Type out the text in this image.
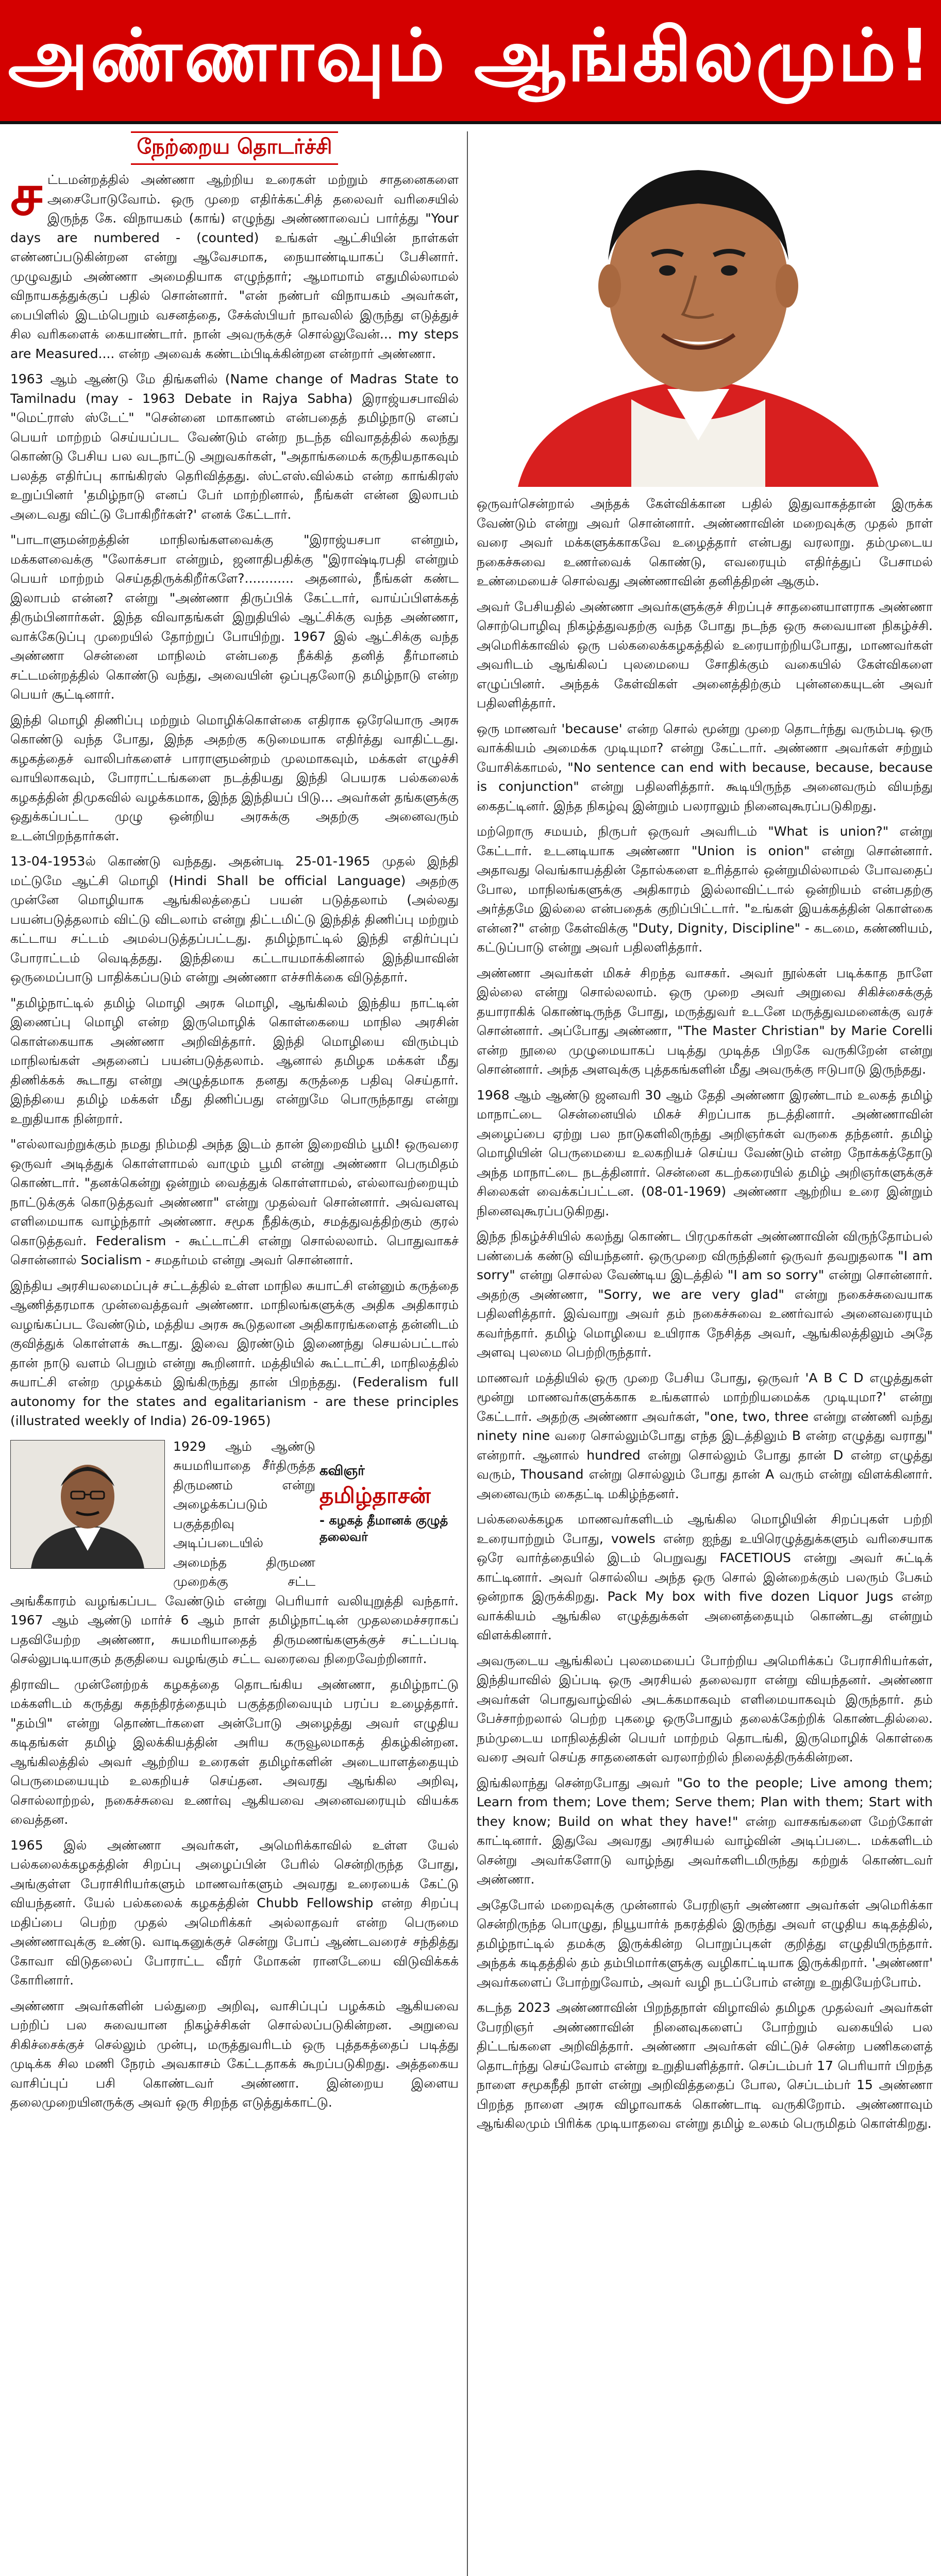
அண்ணாவும் ஆங்கிலமும்!
நேற்றைய தொடர்ச்சி

சட்டமன்றத்தில் அண்ணா ஆற்றிய உரைகள் மற்றும் சாதனைகளை அசைபோடுவோம். ஒரு முறை எதிர்க்கட்சித் தலைவர் வரிசையில் இருந்த கே. விநாயகம் (காங்) எழுந்து அண்ணாவைப் பார்த்து "Your days are numbered - (counted) உங்கள் ஆட்சியின் நாள்கள் எண்ணப்படுகின்றன என்று ஆவேசமாக, நையாண்டியாகப் பேசினார். முழுவதும் அண்ணா அமைதியாக எழுந்தார்; ஆமாமாம் எதுமில்லாமல் விநாயகத்துக்குப் பதில் சொன்னார். "என் நண்பர் விநாயகம் அவர்கள், பைபிளில் இடம்பெறும் வசனத்தை, சேக்ஸ்பியர் நாவலில் இருந்து எடுத்துச் சில வரிகளைக் கையாண்டார். நான் அவருக்குச் சொல்லுவேன்... my steps are Measured.... என்ற அவைக் கண்டம்பிடிக்கின்றன என்றார் அண்ணா.

1963 ஆம் ஆண்டு மே திங்களில் (Name change of Madras State to Tamilnadu (may - 1963 Debate in Rajya Sabha) இராஜ்யசபாவில் "மெட்ராஸ் ஸ்டேட்" "சென்னை மாகாணம் என்பதைத் தமிழ்நாடு எனப் பெயர் மாற்றம் செய்யப்பட வேண்டும் என்ற நடந்த விவாதத்தில் கலந்து கொண்டு பேசிய பல வடநாட்டு அறுவகர்கள், "அதாங்கமைக் கருதியதாகவும் பலத்த எதிர்ப்பு காங்கிரஸ் தெரிவித்தது. ஸ்ட்எஸ்.வில்கம் என்ற காங்கிரஸ் உறுப்பினர் 'தமிழ்நாடு எனப் பேர் மாற்றினால், நீங்கள் என்ன இலாபம் அடைவது விட்டு போகிறீர்கள்?' எனக் கேட்டார்.

"பாடாளுமன்றத்தின் மாநிலங்களவைக்கு "இராஜ்யசபா என்றும், மக்களவைக்கு "லோக்சபா என்றும், ஜனாதிபதிக்கு "இராஷ்டிரபதி என்றும் பெயர் மாற்றம் செய்ததிருக்கிறீர்களே?............ அதனால், நீங்கள் கண்ட இலாபம் என்ன? என்று "அண்ணா திருப்பிக் கேட்டார், வாய்ப்பிளக்கத் திரும்பினார்கள். இந்த விவாதங்கள் இறுதியில் ஆட்சிக்கு வந்த அண்ணா, வாக்கேடுப்பு முறையில் தோற்றுப் போயிற்று. 1967 இல் ஆட்சிக்கு வந்த அண்ணா சென்னை மாநிலம் என்பதை நீக்கித் தனித் தீர்மானம் சட்டமன்றத்தில் கொண்டு வந்து, அவையின் ஒப்புதலோடு தமிழ்நாடு என்ற பெயர் சூட்டினார்.

இந்தி மொழி திணிப்பு மற்றும் மொழிக்கொள்கை எதிராக ஒரேயொரு அரசு கொண்டு வந்த போது, இந்த அதற்கு கடுமையாக எதிர்த்து வாதிட்டது. கழகத்தைச் வாலிபர்களைச் பாராளுமன்றம் முலமாகவும், மக்கள் எழுச்சி வாயிலாகவும், போராட்டங்களை நடத்தியது இந்தி பெயரக பல்கலைக் கழகத்தின் திமுகவில் வழக்கமாக, இந்த இந்தியப் பிடு... அவர்கள் தங்களுக்கு ஒதுக்கப்பட்ட முழு ஒன்றிய அரசுக்கு அதற்கு அனைவரும் உடன்பிறந்தார்கள்.

13-04-1953ல் கொண்டு வந்தது. அதன்படி 25-01-1965 முதல் இந்தி மட்டுமே ஆட்சி மொழி (Hindi Shall be official Language) அதற்கு முன்னே மொழியாக ஆங்கிலத்தைப் பயன் படுத்தலாம் (அல்லது பயன்படுத்தலாம் விட்டு விடலாம் என்று திட்டமிட்டு இந்தித் திணிப்பு மற்றும் கட்டாய சட்டம் அமல்படுத்தப்பட்டது. தமிழ்நாட்டில் இந்தி எதிர்ப்புப் போராட்டம் வெடித்தது. இந்தியை கட்டாயமாக்கினால் இந்தியாவின் ஒருமைப்பாடு பாதிக்கப்படும் என்று அண்ணா எச்சரிக்கை விடுத்தார்.

"தமிழ்நாட்டில் தமிழ் மொழி அரசு மொழி, ஆங்கிலம் இந்திய நாட்டின் இணைப்பு மொழி என்ற இருமொழிக் கொள்கையை மாநில அரசின் கொள்கையாக அண்ணா அறிவித்தார். இந்தி மொழியை விரும்பும் மாநிலங்கள் அதனைப் பயன்படுத்தலாம். ஆனால் தமிழக மக்கள் மீது திணிக்கக் கூடாது என்று அழுத்தமாக தனது கருத்தை பதிவு செய்தார். இந்தியை தமிழ் மக்கள் மீது திணிப்பது என்றுமே பொருந்தாது என்று உறுதியாக நின்றார்.

"எல்லாவற்றுக்கும் நமது நிம்மதி அந்த இடம் தான் இறைவிம் பூமி! ஒருவரை ஒருவர் அடித்துக் கொள்ளாமல் வாழும் பூமி என்று அண்ணா பெருமிதம் கொண்டார். "தனக்கென்று ஒன்றும் வைத்துக் கொள்ளாமல், எல்லாவற்றையும் நாட்டுக்குக் கொடுத்தவர் அண்ணா" என்று முதல்வர் சொன்னார். அவ்வளவு எளிமையாக வாழ்ந்தார் அண்ணா. சமூக நீதிக்கும், சமத்துவத்திற்கும் குரல் கொடுத்தவர். Federalism - கூட்டாட்சி என்று சொல்லலாம். பொதுவாகச் சொன்னால் Socialism - சமதர்மம் என்று அவர் சொன்னார்.

இந்திய அரசியலமைப்புச் சட்டத்தில் உள்ள மாநில சுயாட்சி என்னும் கருத்தை ஆணித்தரமாக முன்வைத்தவர் அண்ணா. மாநிலங்களுக்கு அதிக அதிகாரம் வழங்கப்பட வேண்டும், மத்திய அரசு கூடுதலான அதிகாரங்களைத் தன்னிடம் குவித்துக் கொள்ளக் கூடாது. இவை இரண்டும் இணைந்து செயல்பட்டால் தான் நாடு வளம் பெறும் என்று கூறினார். மத்தியில் கூட்டாட்சி, மாநிலத்தில் சுயாட்சி என்ற முழக்கம் இங்கிருந்து தான் பிறந்தது. (Federalism full autonomy for the states and egalitarianism - are these principles (illustrated weekly of India) 26-09-1965)

கவிஞர்
தமிழ்தாசன்
- கழகத் தீமானக் குழுத் தலைவர்

1929 ஆம் ஆண்டு சுயமரியாதை சீர்திருத்த திருமணம் என்று அழைக்கப்படும் பகுத்தறிவு அடிப்படையில் அமைந்த திருமண முறைக்கு சட்ட அங்கீகாரம் வழங்கப்பட வேண்டும் என்று பெரியார் வலியுறுத்தி வந்தார். 1967 ஆம் ஆண்டு மார்ச் 6 ஆம் நாள் தமிழ்நாட்டின் முதலமைச்சராகப் பதவியேற்ற அண்ணா, சுயமரியாதைத் திருமணங்களுக்குச் சட்டப்படி செல்லுபடியாகும் தகுதியை வழங்கும் சட்ட வரைவை நிறைவேற்றினார்.

திராவிட முன்னேற்றக் கழகத்தை தொடங்கிய அண்ணா, தமிழ்நாட்டு மக்களிடம் கருத்து சுதந்திரத்தையும் பகுத்தறிவையும் பரப்ப உழைத்தார். "தம்பி" என்று தொண்டர்களை அன்போடு அழைத்து அவர் எழுதிய கடிதங்கள் தமிழ் இலக்கியத்தின் அரிய கருவூலமாகத் திகழ்கின்றன. ஆங்கிலத்தில் அவர் ஆற்றிய உரைகள் தமிழர்களின் அடையாளத்தையும் பெருமையையும் உலகறியச் செய்தன. அவரது ஆங்கில அறிவு, சொல்லாற்றல், நகைச்சுவை உணர்வு ஆகியவை அனைவரையும் வியக்க வைத்தன.

1965 இல் அண்ணா அவர்கள், அமெரிக்காவில் உள்ள யேல் பல்கலைக்கழகத்தின் சிறப்பு அழைப்பின் பேரில் சென்றிருந்த போது, அங்குள்ள பேராசிரியர்களும் மாணவர்களும் அவரது உரையைக் கேட்டு வியந்தனர். யேல் பல்கலைக் கழகத்தின் Chubb Fellowship என்ற சிறப்பு மதிப்பை பெற்ற முதல் அமெரிக்கர் அல்லாதவர் என்ற பெருமை அண்ணாவுக்கு உண்டு. வாடிகனுக்குச் சென்று போப் ஆண்டவரைச் சந்தித்து கோவா விடுதலைப் போராட்ட வீரர் மோகன் ரானடேயை விடுவிக்கக் கோரினார்.

அண்ணா அவர்களின் பல்துறை அறிவு, வாசிப்புப் பழக்கம் ஆகியவை பற்றிப் பல சுவையான நிகழ்ச்சிகள் சொல்லப்படுகின்றன. அறுவை சிகிச்சைக்குச் செல்லும் முன்பு, மருத்துவரிடம் ஒரு புத்தகத்தைப் படித்து முடிக்க சில மணி நேரம் அவகாசம் கேட்டதாகக் கூறப்படுகிறது. அத்தகைய வாசிப்புப் பசி கொண்டவர் அண்ணா. இன்றைய இளைய தலைமுறையினருக்கு அவர் ஒரு சிறந்த எடுத்துக்காட்டு.

ஒருவர்சென்றால் அந்தக் கேள்விக்கான பதில் இதுவாகத்தான் இருக்க வேண்டும் என்று அவர் சொன்னார். அண்ணாவின் மறைவுக்கு முதல் நாள் வரை அவர் மக்களுக்காகவே உழைத்தார் என்பது வரலாறு. தம்முடைய நகைச்சுவை உணர்வைக் கொண்டு, எவரையும் எதிர்த்துப் பேசாமல் உண்மையைச் சொல்வது அண்ணாவின் தனித்திறன் ஆகும்.

அவர் பேசியதில் அண்ணா அவர்களுக்குச் சிறப்புச் சாதனையாளராக அண்ணா சொற்பொழிவு நிகழ்த்துவதற்கு வந்த போது நடந்த ஒரு சுவையான நிகழ்ச்சி. அமெரிக்காவில் ஒரு பல்கலைக்கழகத்தில் உரையாற்றியபோது, மாணவர்கள் அவரிடம் ஆங்கிலப் புலமையை சோதிக்கும் வகையில் கேள்விகளை எழுப்பினர். அந்தக் கேள்விகள் அனைத்திற்கும் புன்னகையுடன் அவர் பதிலளித்தார்.

ஒரு மாணவர் 'because' என்ற சொல் மூன்று முறை தொடர்ந்து வரும்படி ஒரு வாக்கியம் அமைக்க முடியுமா? என்று கேட்டார். அண்ணா அவர்கள் சற்றும் யோசிக்காமல், "No sentence can end with because, because, because is conjunction" என்று பதிலளித்தார். கூடியிருந்த அனைவரும் வியந்து கைதட்டினர். இந்த நிகழ்வு இன்றும் பலராலும் நினைவுகூரப்படுகிறது.

மற்றொரு சமயம், நிருபர் ஒருவர் அவரிடம் "What is union?" என்று கேட்டார். உடனடியாக அண்ணா "Union is onion" என்று சொன்னார். அதாவது வெங்காயத்தின் தோல்களை உரித்தால் ஒன்றுமில்லாமல் போவதைப் போல, மாநிலங்களுக்கு அதிகாரம் இல்லாவிட்டால் ஒன்றியம் என்பதற்கு அர்த்தமே இல்லை என்பதைக் குறிப்பிட்டார். "உங்கள் இயக்கத்தின் கொள்கை என்ன?" என்ற கேள்விக்கு "Duty, Dignity, Discipline" - கடமை, கண்ணியம், கட்டுப்பாடு என்று அவர் பதிலளித்தார்.

அண்ணா அவர்கள் மிகச் சிறந்த வாசகர். அவர் நூல்கள் படிக்காத நாளே இல்லை என்று சொல்லலாம். ஒரு முறை அவர் அறுவை சிகிச்சைக்குத் தயாராகிக் கொண்டிருந்த போது, மருத்துவர் உடனே மருத்துவமனைக்கு வரச் சொன்னார். அப்போது அண்ணா, "The Master Christian" by Marie Corelli என்ற நூலை முழுமையாகப் படித்து முடித்த பிறகே வருகிறேன் என்று சொன்னார். அந்த அளவுக்கு புத்தகங்களின் மீது அவருக்கு ஈடுபாடு இருந்தது.

1968 ஆம் ஆண்டு ஜனவரி 30 ஆம் தேதி அண்ணா இரண்டாம் உலகத் தமிழ் மாநாட்டை சென்னையில் மிகச் சிறப்பாக நடத்தினார். அண்ணாவின் அழைப்பை ஏற்று பல நாடுகளிலிருந்து அறிஞர்கள் வருகை தந்தனர். தமிழ் மொழியின் பெருமையை உலகறியச் செய்ய வேண்டும் என்ற நோக்கத்தோடு அந்த மாநாட்டை நடத்தினார். சென்னை கடற்கரையில் தமிழ் அறிஞர்களுக்குச் சிலைகள் வைக்கப்பட்டன. (08-01-1969) அண்ணா ஆற்றிய உரை இன்றும் நினைவுகூரப்படுகிறது.

இந்த நிகழ்ச்சியில் கலந்து கொண்ட பிரமுகர்கள் அண்ணாவின் விருந்தோம்பல் பண்பைக் கண்டு வியந்தனர். ஒருமுறை விருந்தினர் ஒருவர் தவறுதலாக "I am sorry" என்று சொல்ல வேண்டிய இடத்தில் "I am so sorry" என்று சொன்னார். அதற்கு அண்ணா, "Sorry, we are very glad" என்று நகைச்சுவையாக பதிலளித்தார். இவ்வாறு அவர் தம் நகைச்சுவை உணர்வால் அனைவரையும் கவர்ந்தார். தமிழ் மொழியை உயிராக நேசித்த அவர், ஆங்கிலத்திலும் அதே அளவு புலமை பெற்றிருந்தார்.

மாணவர் மத்தியில் ஒரு முறை பேசிய போது, ஒருவர் 'A B C D எழுத்துகள் மூன்று மாணவர்களுக்காக உங்களால் மாற்றியமைக்க முடியுமா?' என்று கேட்டார். அதற்கு அண்ணா அவர்கள், "one, two, three என்று எண்ணி வந்து ninety nine வரை சொல்லும்போது எந்த இடத்திலும் B என்ற எழுத்து வராது" என்றார். ஆனால் hundred என்று சொல்லும் போது தான் D என்ற எழுத்து வரும், Thousand என்று சொல்லும் போது தான் A வரும் என்று விளக்கினார். அனைவரும் கைதட்டி மகிழ்ந்தனர்.

பல்கலைக்கழக மாணவர்களிடம் ஆங்கில மொழியின் சிறப்புகள் பற்றி உரையாற்றும் போது, vowels என்ற ஐந்து உயிரெழுத்துக்களும் வரிசையாக ஒரே வார்த்தையில் இடம் பெறுவது FACETIOUS என்று அவர் சுட்டிக் காட்டினார். அவர் சொல்லிய அந்த ஒரு சொல் இன்றைக்கும் பலரும் பேசும் ஒன்றாக இருக்கிறது. Pack My box with five dozen Liquor Jugs என்ற வாக்கியம் ஆங்கில எழுத்துக்கள் அனைத்தையும் கொண்டது என்றும் விளக்கினார்.

அவருடைய ஆங்கிலப் புலமையைப் போற்றிய அமெரிக்கப் பேராசிரியர்கள், இந்தியாவில் இப்படி ஒரு அரசியல் தலைவரா என்று வியந்தனர். அண்ணா அவர்கள் பொதுவாழ்வில் அடக்கமாகவும் எளிமையாகவும் இருந்தார். தம் பேச்சாற்றலால் பெற்ற புகழை ஒருபோதும் தலைக்கேற்றிக் கொண்டதில்லை. நம்முடைய மாநிலத்தின் பெயர் மாற்றம் தொடங்கி, இருமொழிக் கொள்கை வரை அவர் செய்த சாதனைகள் வரலாற்றில் நிலைத்திருக்கின்றன.

இங்கிலாந்து சென்றபோது அவர் "Go to the people; Live among them; Learn from them; Love them; Serve them; Plan with them; Start with they know; Build on what they have!" என்ற வாசகங்களை மேற்கோள் காட்டினார். இதுவே அவரது அரசியல் வாழ்வின் அடிப்படை. மக்களிடம் சென்று அவர்களோடு வாழ்ந்து அவர்களிடமிருந்து கற்றுக் கொண்டவர் அண்ணா.

அதேபோல் மறைவுக்கு முன்னால் பேரறிஞர் அண்ணா அவர்கள் அமெரிக்கா சென்றிருந்த பொழுது, நியூயார்க் நகரத்தில் இருந்து அவர் எழுதிய கடிதத்தில், தமிழ்நாட்டில் தமக்கு இருக்கின்ற பொறுப்புகள் குறித்து எழுதியிருந்தார். அந்தக் கடிதத்தில் தம் தம்பிமார்களுக்கு வழிகாட்டியாக இருக்கிறார். 'அண்ணா' அவர்களைப் போற்றுவோம், அவர் வழி நடப்போம் என்று உறுதியேற்போம்.

கடந்த 2023 அண்ணாவின் பிறந்தநாள் விழாவில் தமிழக முதல்வர் அவர்கள் பேரறிஞர் அண்ணாவின் நினைவுகளைப் போற்றும் வகையில் பல திட்டங்களை அறிவித்தார். அண்ணா அவர்கள் விட்டுச் சென்ற பணிகளைத் தொடர்ந்து செய்வோம் என்று உறுதியளித்தார். செப்டம்பர் 17 பெரியார் பிறந்த நாளை சமூகநீதி நாள் என்று அறிவித்ததைப் போல, செப்டம்பர் 15 அண்ணா பிறந்த நாளை அரசு விழாவாகக் கொண்டாடி வருகிறோம். அண்ணாவும் ஆங்கிலமும் பிரிக்க முடியாதவை என்று தமிழ் உலகம் பெருமிதம் கொள்கிறது.
